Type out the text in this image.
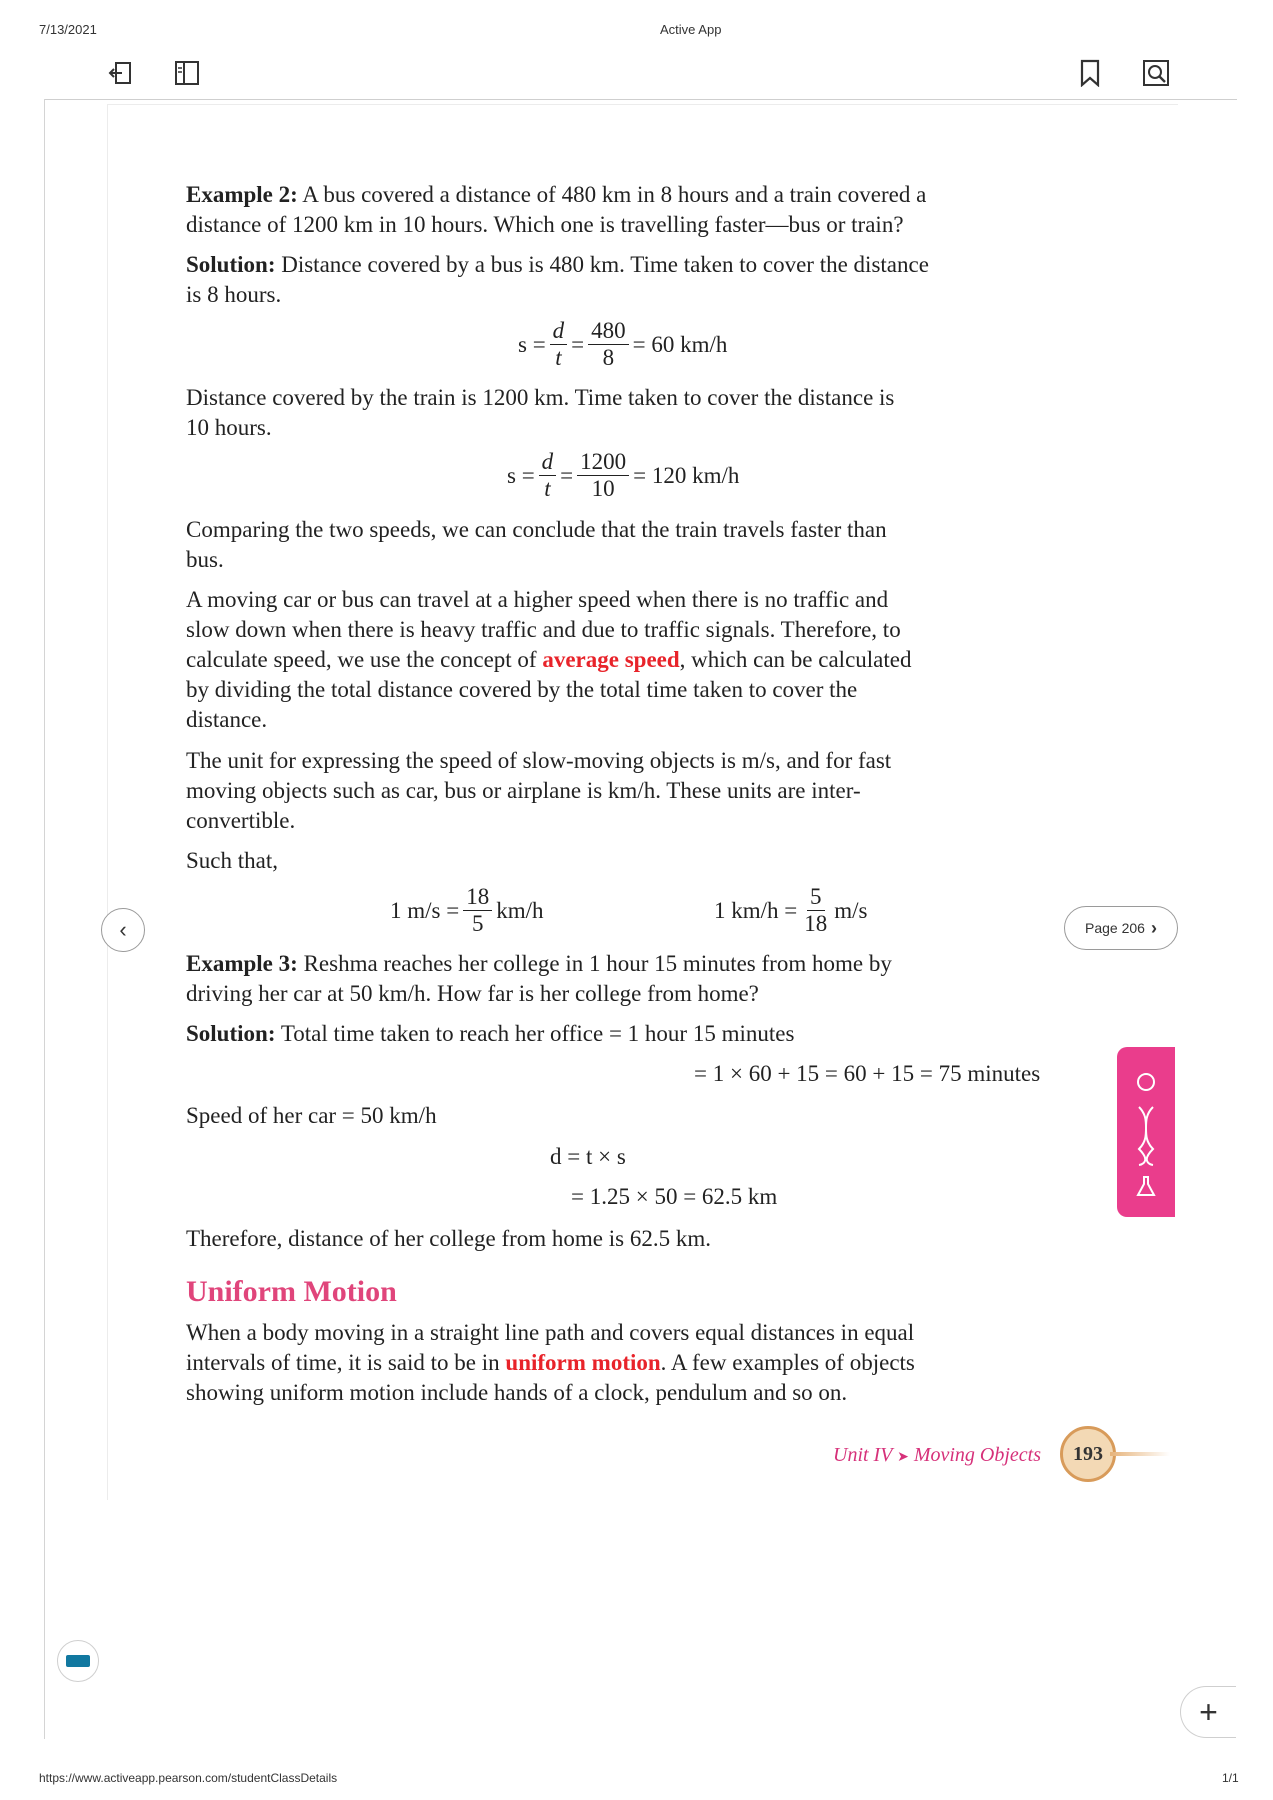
7/13/2021	Active App
Example 2: A bus covered a distance of 480 km in 8 hours and a train covered a
distance of 1200 km in 10 hours. Which one is travelling faster—bus or train?
Solution: Distance covered by a bus is 480 km. Time taken to cover the distance
is 8 hours.
$s = \frac{d}{t} = \frac{480}{8} = 60$ km/h
Distance covered by the train is 1200 km. Time taken to cover the distance is
10 hours.
$s = \frac{d}{t} = \frac{1200}{10} = 120$ km/h
Comparing the two speeds, we can conclude that the train travels faster than
bus.
A moving car or bus can travel at a higher speed when there is no traffic and
slow down when there is heavy traffic and due to traffic signals. Therefore, to
calculate speed, we use the concept of average speed, which can be calculated
by dividing the total distance covered by the total time taken to cover the
distance.
The unit for expressing the speed of slow-moving objects is m/s, and for fast
moving objects such as car, bus or airplane is km/h. These units are inter-
convertible.
Such that,
1 $m/s = \frac{18}{5} km/h$	1 $km/h = \frac{5}{18} m/s$
Example 3: Reshma reaches her college in 1 hour 15 minutes from home by
driving her car at 50 km/h. How far is her college from home?
Solution: Total time taken to reach her office = 1 hour 15 minutes
= 1 × 60 + 15 = 60 + 15 = 75 minutes
Speed of her car = 50 km/h
d = t × s
= 1.25 × 50 = 62.5 km
Therefore, distance of her college from home is 62.5 km.
Uniform Motion
When a body moving in a straight line path and covers equal distances in equal
intervals of time, it is said to be in uniform motion. A few examples of objects
showing uniform motion include hands of a clock, pendulum and so on.
Unit IV ➤ Moving Objects	193
‹	Page 206 ›
+
https://www.activeapp.pearson.com/studentClassDetails	1/1
